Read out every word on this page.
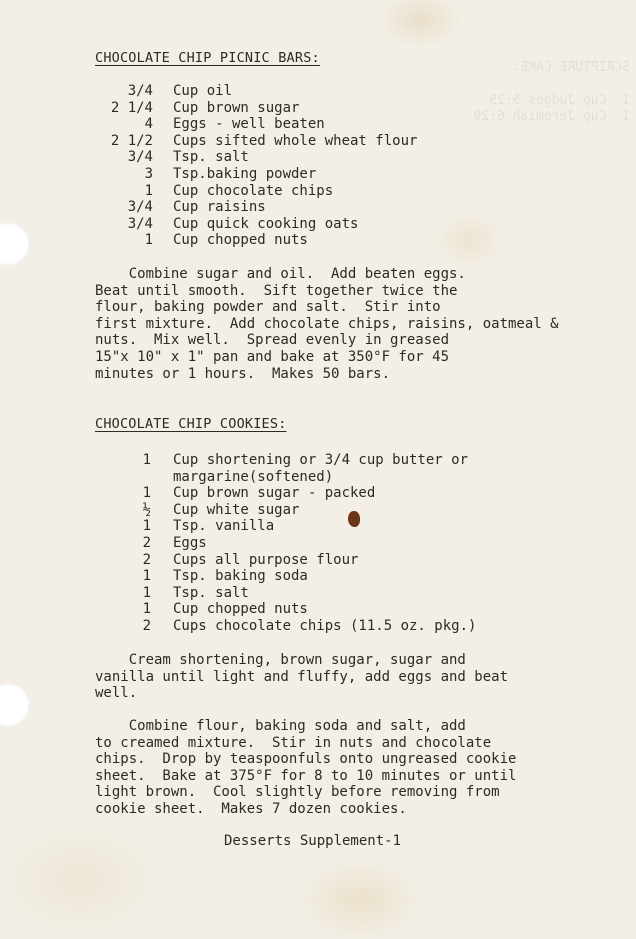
SCRIPTURE CAKE:

1  Cup Judges 5:25
1  Cup Jeremiah 6:20
...

CHOCOLATE CHIP PICNIC BARS:
3/4 Cup oil
2 1/4 Cup brown sugar
4 Eggs - well beaten
2 1/2 Cups sifted whole wheat flour
3/4 Tsp. salt
3 Tsp.baking powder
1 Cup chocolate chips
3/4 Cup raisins
3/4 Cup quick cooking oats
1 Cup chopped nuts
Combine sugar and oil.  Add beaten eggs.
Beat until smooth.  Sift together twice the
flour, baking powder and salt.  Stir into
first mixture.  Add chocolate chips, raisins, oatmeal &
nuts.  Mix well.  Spread evenly in greased
15"x 10" x 1" pan and bake at 350°F for 45
minutes or 1 hours.  Makes 50 bars.
CHOCOLATE CHIP COOKIES:
1 Cup shortening or 3/4 cup butter or
margarine(softened)
1 Cup brown sugar - packed
½ Cup white sugar
1 Tsp. vanilla
2 Eggs
2 Cups all purpose flour
1 Tsp. baking soda
1 Tsp. salt
1 Cup chopped nuts
2 Cups chocolate chips (11.5 oz. pkg.)
Cream shortening, brown sugar, sugar and
vanilla until light and fluffy, add eggs and beat
well.
Combine flour, baking soda and salt, add
to creamed mixture.  Stir in nuts and chocolate
chips.  Drop by teaspoonfuls onto ungreased cookie
sheet.  Bake at 375°F for 8 to 10 minutes or until
light brown.  Cool slightly before removing from
cookie sheet.  Makes 7 dozen cookies.
Desserts Supplement-1
